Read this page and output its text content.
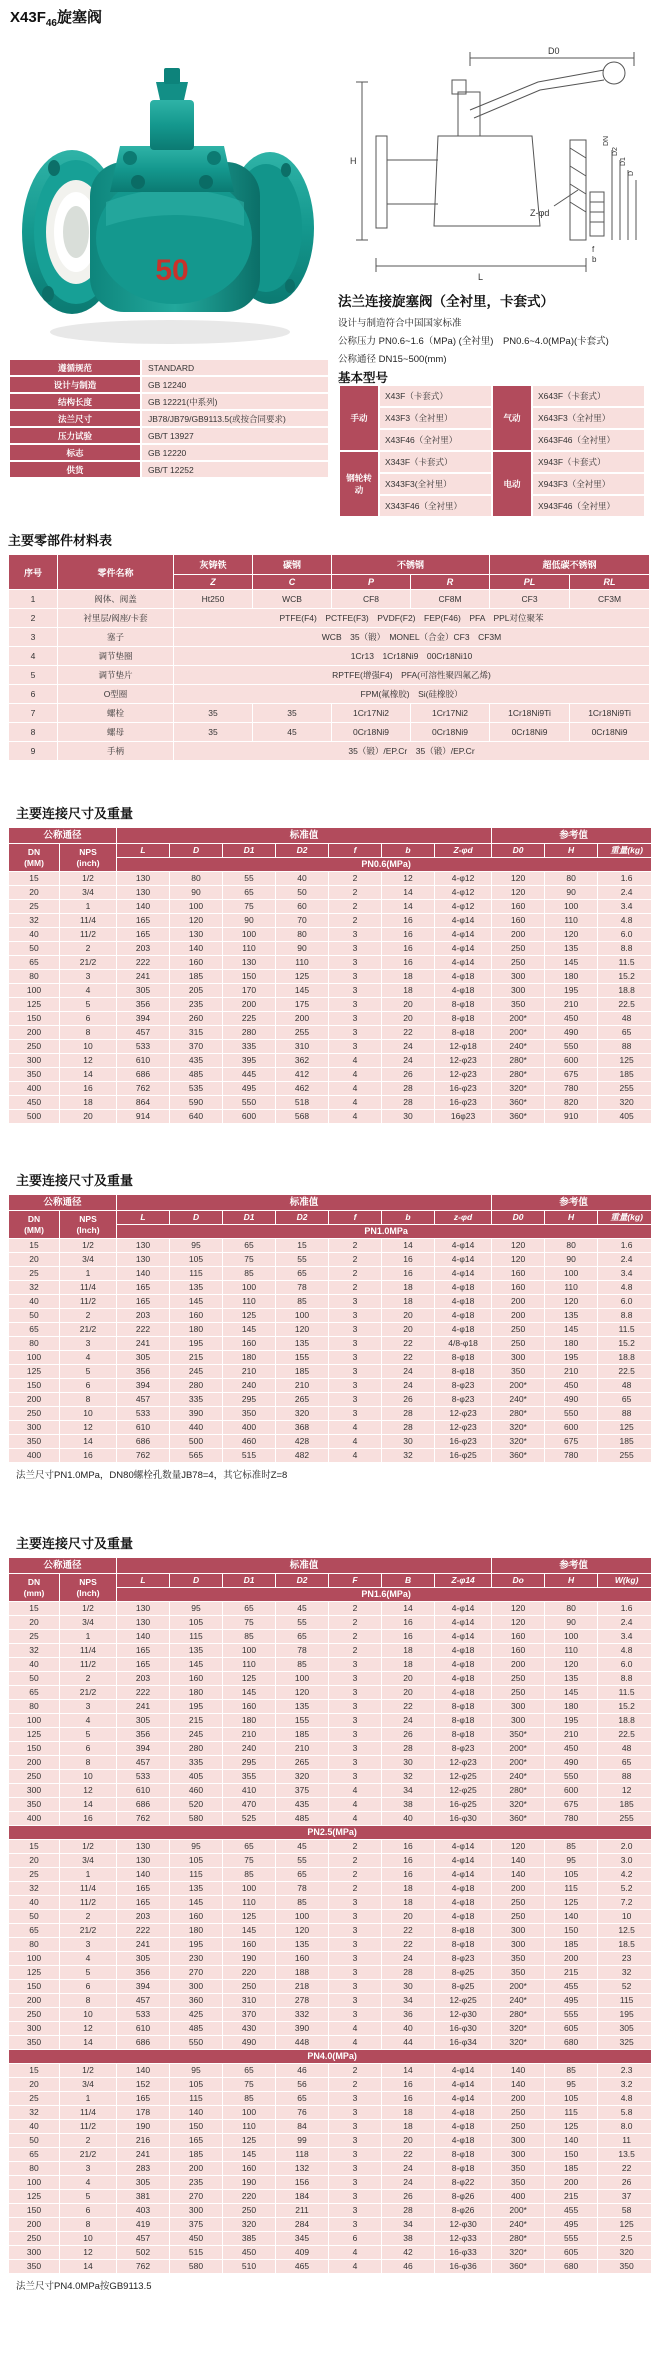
$X43F_{46}$旋塞阀
50
D0
H
L
Z-φd
f
b
DN
D2
D1
D

法兰连接旋塞阀（全衬里，卡套式）

设计与制造符合中国国家标准

公称压力 PN0.6~1.6（MPa) (全衬里)　PN0.6~4.0(MPa)(卡套式)

公称通径 DN15~500(mm)

遵循规范	STANDARD
设计与制造	GB 12240
结构长度	GB 12221(中系列)
法兰尺寸	JB78/JB79/GB9113.5(或按合同要求)
压力试验	GB/T 13927
标志	GB 12220
供货	GB/T 12252

基本型号

手动	X43F（卡套式）	气动	X643F（卡套式）
	X43F3（全衬里）		X643F3（全衬里）
	X43F46（全衬里）		X643F46（全衬里）
钢轮转动	X343F（卡套式）	电动	X943F（卡套式）
	X343F3(全衬里）		X943F3（全衬里）
	X343F46（全衬里）		X943F46（全衬里）
主要零部件材料表
序号	零件名称	灰铸铁	碳钢	不锈钢		超低碳不锈钢	
		Z	C	P	R	PL	RL
1	阀体、阀盖	Ht250	WCB	CF8	CF8M	CF3	CF3M
2	衬里层/阀座/卡套	PTFE(F4)　PCTFE(F3)　PVDF(F2)　FEP(F46)　PFA　PPL对位聚苯					
3	塞子	WCB　35（锻）　MONEL（合金）CF3　CF3M					
4	调节垫圈	1Cr13　1Cr18Ni9　00Cr18Ni10					
5	调节垫片	RPTFE(增强F4)　PFA(可溶性聚四氟乙烯)					
6	O型圈	FPM(氟橡胶)　Si(硅橡胶）					
7	螺栓	35	35	1Cr17Ni2	1Cr17Ni2	1Cr18Ni9Ti	1Cr18Ni9Ti
8	螺母	35	45	0Cr18Ni9	0Cr18Ni9	0Cr18Ni9	0Cr18Ni9
9	手柄	35（锻）/EP.Cr　35（锻）/EP.Cr					
主要连接尺寸及重量
公称通径		标准值							参考值		

DN
(MM)

NPS
(inch)
	L	D	D1	D2	f	b	Z-φd	D0	H	重量(kg)
		PN0.6(MPa)									
15	1/2	130	80	55	40	2	12	4-φ12	120	80	1.6
20	3/4	130	90	65	50	2	14	4-φ12	120	90	2.4
25	1	140	100	75	60	2	14	4-φ12	160	100	3.4
32	11/4	165	120	90	70	2	16	4-φ14	160	110	4.8
40	11/2	165	130	100	80	3	16	4-φ14	200	120	6.0
50	2	203	140	110	90	3	16	4-φ14	250	135	8.8
65	21/2	222	160	130	110	3	16	4-φ14	250	145	11.5
80	3	241	185	150	125	3	18	4-φ18	300	180	15.2
100	4	305	205	170	145	3	18	4-φ18	300	195	18.8
125	5	356	235	200	175	3	20	8-φ18	350	210	22.5
150	6	394	260	225	200	3	20	8-φ18	200*	450	48
200	8	457	315	280	255	3	22	8-φ18	200*	490	65
250	10	533	370	335	310	3	24	12-φ18	240*	550	88
300	12	610	435	395	362	4	24	12-φ23	280*	600	125
350	14	686	485	445	412	4	26	12-φ23	280*	675	185
400	16	762	535	495	462	4	28	16-φ23	320*	780	255
450	18	864	590	550	518	4	28	16-φ23	360*	820	320
500	20	914	640	600	568	4	30	16φ23	360*	910	405
主要连接尺寸及重量
公称通径		标准值							参考值		

DN
(MM)

NPS
(Inch)
	L	D	D1	D2	f	b	z-φd	D0	H	重量(kg)
		PN1.0MPa									
15	1/2	130	95	65	15	2	14	4-φ14	120	80	1.6
20	3/4	130	105	75	55	2	16	4-φ14	120	90	2.4
25	1	140	115	85	65	2	16	4-φ14	160	100	3.4
32	11/4	165	135	100	78	2	18	4-φ18	160	110	4.8
40	11/2	165	145	110	85	3	18	4-φ18	200	120	6.0
50	2	203	160	125	100	3	20	4-φ18	200	135	8.8
65	21/2	222	180	145	120	3	20	4-φ18	250	145	11.5
80	3	241	195	160	135	3	22	4/8-φ18	250	180	15.2
100	4	305	215	180	155	3	22	8-φ18	300	195	18.8
125	5	356	245	210	185	3	24	8-φ18	350	210	22.5
150	6	394	280	240	210	3	24	8-φ23	200*	450	48
200	8	457	335	295	265	3	26	8-φ23	240*	490	65
250	10	533	390	350	320	3	28	12-φ23	280*	550	88
300	12	610	440	400	368	4	28	12-φ23	320*	600	125
350	14	686	500	460	428	4	30	16-φ23	320*	675	185
400	16	762	565	515	482	4	32	16-φ25	360*	780	255

法兰尺寸PN1.0MPa，DN80螺栓孔数量JB78=4，其它标准时Z=8

主要连接尺寸及重量
公称通径		标准值							参考值		

DN
(mm)

NPS
(Inch)
	L	D	D1	D2	F	B	Z-φ14	Do	H	W(kg)
		PN1.6(MPa)									
15	1/2	130	95	65	45	2	14	4-φ14	120	80	1.6
20	3/4	130	105	75	55	2	16	4-φ14	120	90	2.4
25	1	140	115	85	65	2	16	4-φ14	160	100	3.4
32	11/4	165	135	100	78	2	18	4-φ18	160	110	4.8
40	11/2	165	145	110	85	3	18	4-φ18	200	120	6.0
50	2	203	160	125	100	3	20	4-φ18	250	135	8.8
65	21/2	222	180	145	120	3	20	4-φ18	250	145	11.5
80	3	241	195	160	135	3	22	8-φ18	300	180	15.2
100	4	305	215	180	155	3	24	8-φ18	300	195	18.8
125	5	356	245	210	185	3	26	8-φ18	350*	210	22.5
150	6	394	280	240	210	3	28	8-φ23	200*	450	48
200	8	457	335	295	265	3	30	12-φ23	200*	490	65
250	10	533	405	355	320	3	32	12-φ25	240*	550	88
300	12	610	460	410	375	4	34	12-φ25	280*	600	12
350	14	686	520	470	435	4	38	16-φ25	320*	675	185
400	16	762	580	525	485	4	40	16-φ30	360*	780	255
PN2.5(MPa)											
15	1/2	130	95	65	45	2	16	4-φ14	120	85	2.0
20	3/4	130	105	75	55	2	16	4-φ14	140	95	3.0
25	1	140	115	85	65	2	16	4-φ14	140	105	4.2
32	11/4	165	135	100	78	2	18	4-φ18	200	115	5.2
40	11/2	165	145	110	85	3	18	4-φ18	250	125	7.2
50	2	203	160	125	100	3	20	4-φ18	250	140	10
65	21/2	222	180	145	120	3	22	8-φ18	300	150	12.5
80	3	241	195	160	135	3	22	8-φ18	300	185	18.5
100	4	305	230	190	160	3	24	8-φ23	350	200	23
125	5	356	270	220	188	3	28	8-φ25	350	215	32
150	6	394	300	250	218	3	30	8-φ25	200*	455	52
200	8	457	360	310	278	3	34	12-φ25	240*	495	115
250	10	533	425	370	332	3	36	12-φ30	280*	555	195
300	12	610	485	430	390	4	40	16-φ30	320*	605	305
350	14	686	550	490	448	4	44	16-φ34	320*	680	325
PN4.0(MPa)											
15	1/2	140	95	65	46	2	14	4-φ14	140	85	2.3
20	3/4	152	105	75	56	2	16	4-φ14	140	95	3.2
25	1	165	115	85	65	3	16	4-φ14	200	105	4.8
32	11/4	178	140	100	76	3	18	4-φ18	250	115	5.8
40	11/2	190	150	110	84	3	18	4-φ18	250	125	8.0
50	2	216	165	125	99	3	20	4-φ18	300	140	11
65	21/2	241	185	145	118	3	22	8-φ18	300	150	13.5
80	3	283	200	160	132	3	24	8-φ18	350	185	22
100	4	305	235	190	156	3	24	8-φ22	350	200	26
125	5	381	270	220	184	3	26	8-φ26	400	215	37
150	6	403	300	250	211	3	28	8-φ26	200*	455	58
200	8	419	375	320	284	3	34	12-φ30	240*	495	125
250	10	457	450	385	345	6	38	12-φ33	280*	555	2.5
300	12	502	515	450	409	4	42	16-φ33	320*	605	320
350	14	762	580	510	465	4	46	16-φ36	360*	680	350

法兰尺寸PN4.0MPa按GB9113.5
